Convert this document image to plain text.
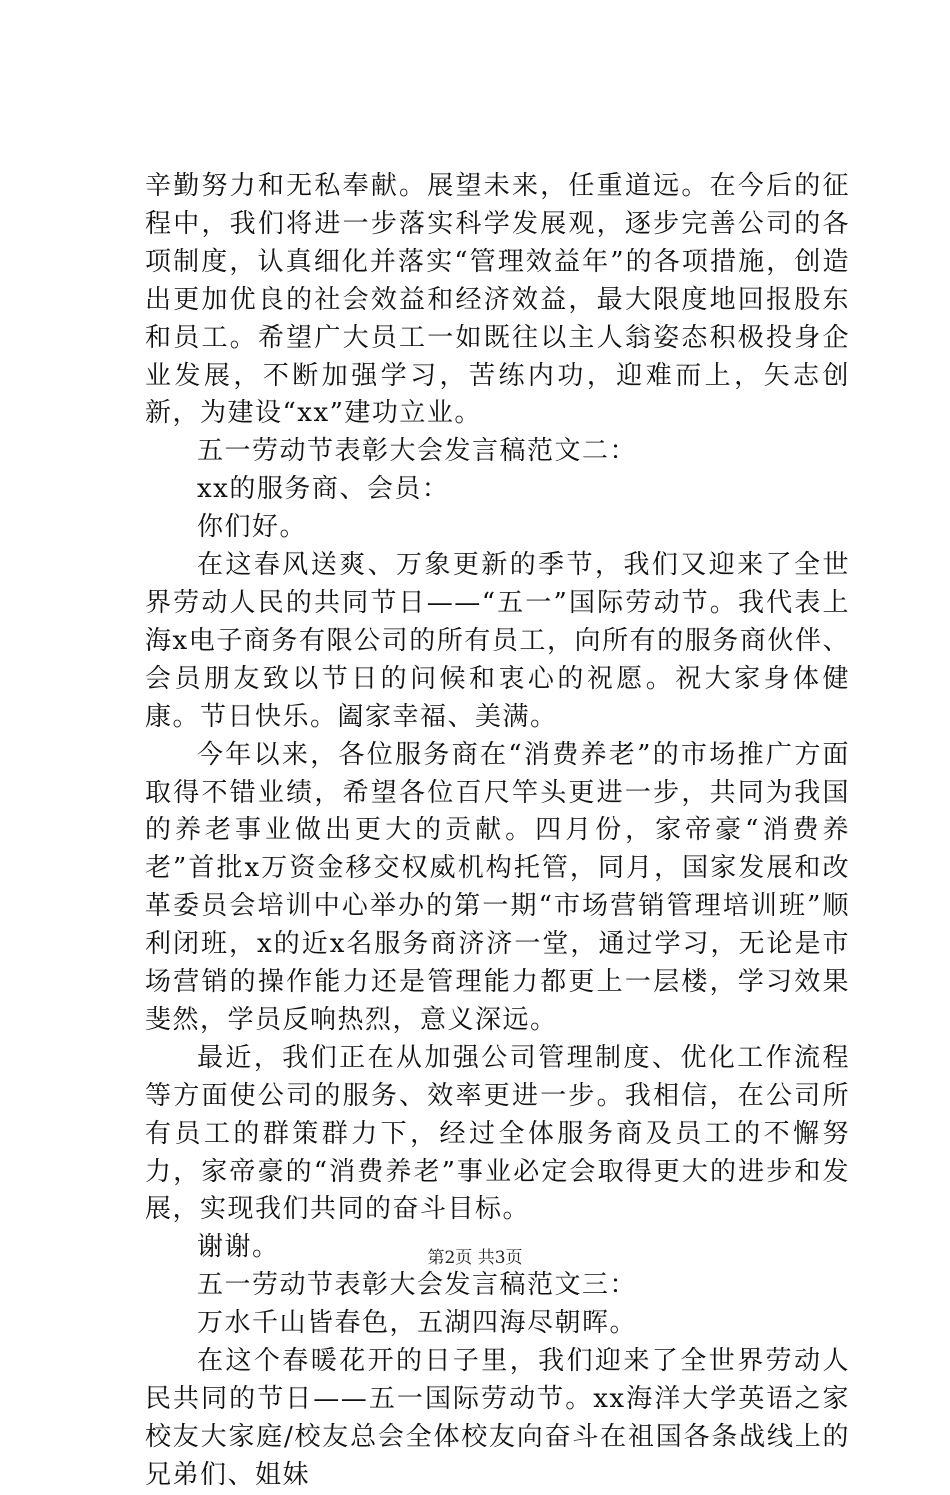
辛勤努力和无私奉献。展望未来，任重道远。在今后的征程中，我们将进一步落实科学发展观，逐步完善公司的各项制度，认真细化并落实“管理效益年”的各项措施，创造出更加优良的社会效益和经济效益，最大限度地回报股东和员工。希望广大员工一如既往以主人翁姿态积极投身企业发展，不断加强学习，苦练内功，迎难而上，矢志创新，为建设“xx”建功立业。

五一劳动节表彰大会发言稿范文二：

xx的服务商、会员：

你们好。

在这春风送爽、万象更新的季节，我们又迎来了全世界劳动人民的共同节日——“五一”国际劳动节。我代表上海x电子商务有限公司的所有员工，向所有的服务商伙伴、会员朋友致以节日的问候和衷心的祝愿。祝大家身体健康。节日快乐。阖家幸福、美满。

今年以来，各位服务商在“消费养老”的市场推广方面取得不错业绩，希望各位百尺竿头更进一步，共同为我国的养老事业做出更大的贡献。四月份，家帝豪“消费养老”首批x万资金移交权威机构托管，同月，国家发展和改革委员会培训中心举办的第一期“市场营销管理培训班”顺利闭班，x的近x名服务商济济一堂，通过学习，无论是市场营销的操作能力还是管理能力都更上一层楼，学习效果斐然，学员反响热烈，意义深远。

最近，我们正在从加强公司管理制度、优化工作流程等方面使公司的服务、效率更进一步。我相信，在公司所有员工的群策群力下，经过全体服务商及员工的不懈努力，家帝豪的“消费养老”事业必定会取得更大的进步和发展，实现我们共同的奋斗目标。

谢谢。

五一劳动节表彰大会发言稿范文三：

万水千山皆春色，五湖四海尽朝晖。

在这个春暖花开的日子里，我们迎来了全世界劳动人民共同的节日——五一国际劳动节。xx海洋大学英语之家校友大家庭/校友总会全体校友向奋斗在祖国各条战线上的兄弟们、姐妹

第2页 共3页
